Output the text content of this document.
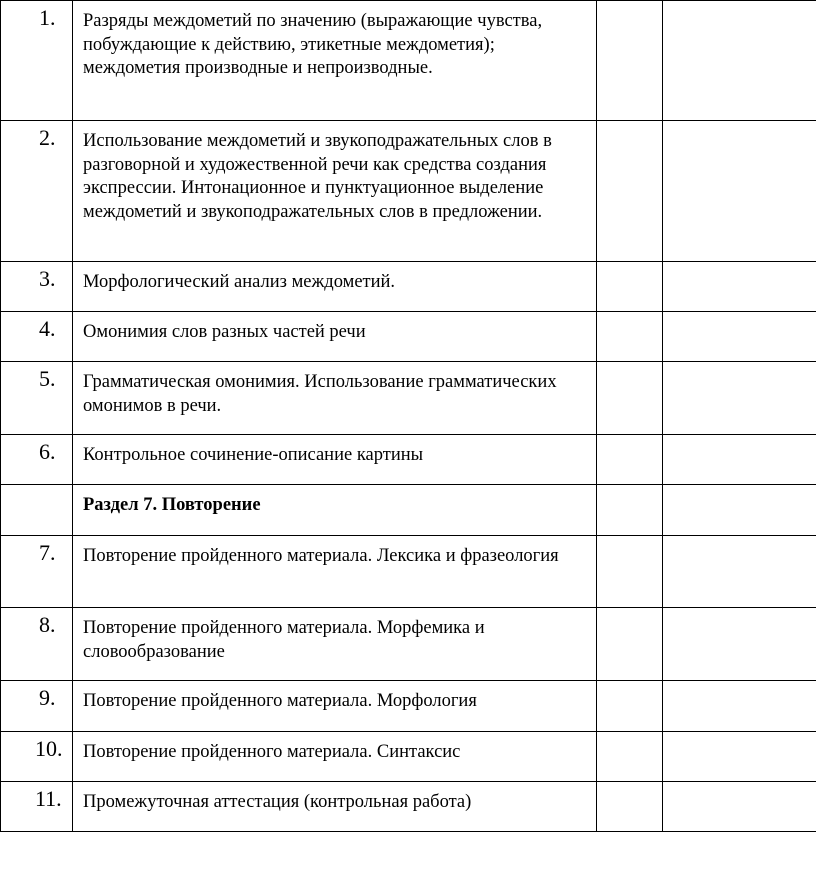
1.	Разряды междометий по значению (выражающие чувства, побуждающие к действию, этикетные междометия); междометия производные и непроизводные.		
2.	Использование междометий и звукоподражательных слов в разговорной и художественной речи как средства создания экспрессии. Интонационное и пунктуационное выделение междометий и звукоподражательных слов в предложении.		
3.	Морфологический анализ междометий.		
4.	Омонимия слов разных частей речи		
5.	Грамматическая омонимия. Использование грамматических омонимов в речи.		
6.	Контрольное сочинение-описание картины		
	Раздел 7. Повторение		
7.	Повторение пройденного материала. Лексика и фразеология		
8.	Повторение пройденного материала. Морфемика и словообразование		
9.	Повторение пройденного материала. Морфология		
10.	Повторение пройденного материала. Синтаксис		
11.	Промежуточная аттестация (контрольная работа)		
